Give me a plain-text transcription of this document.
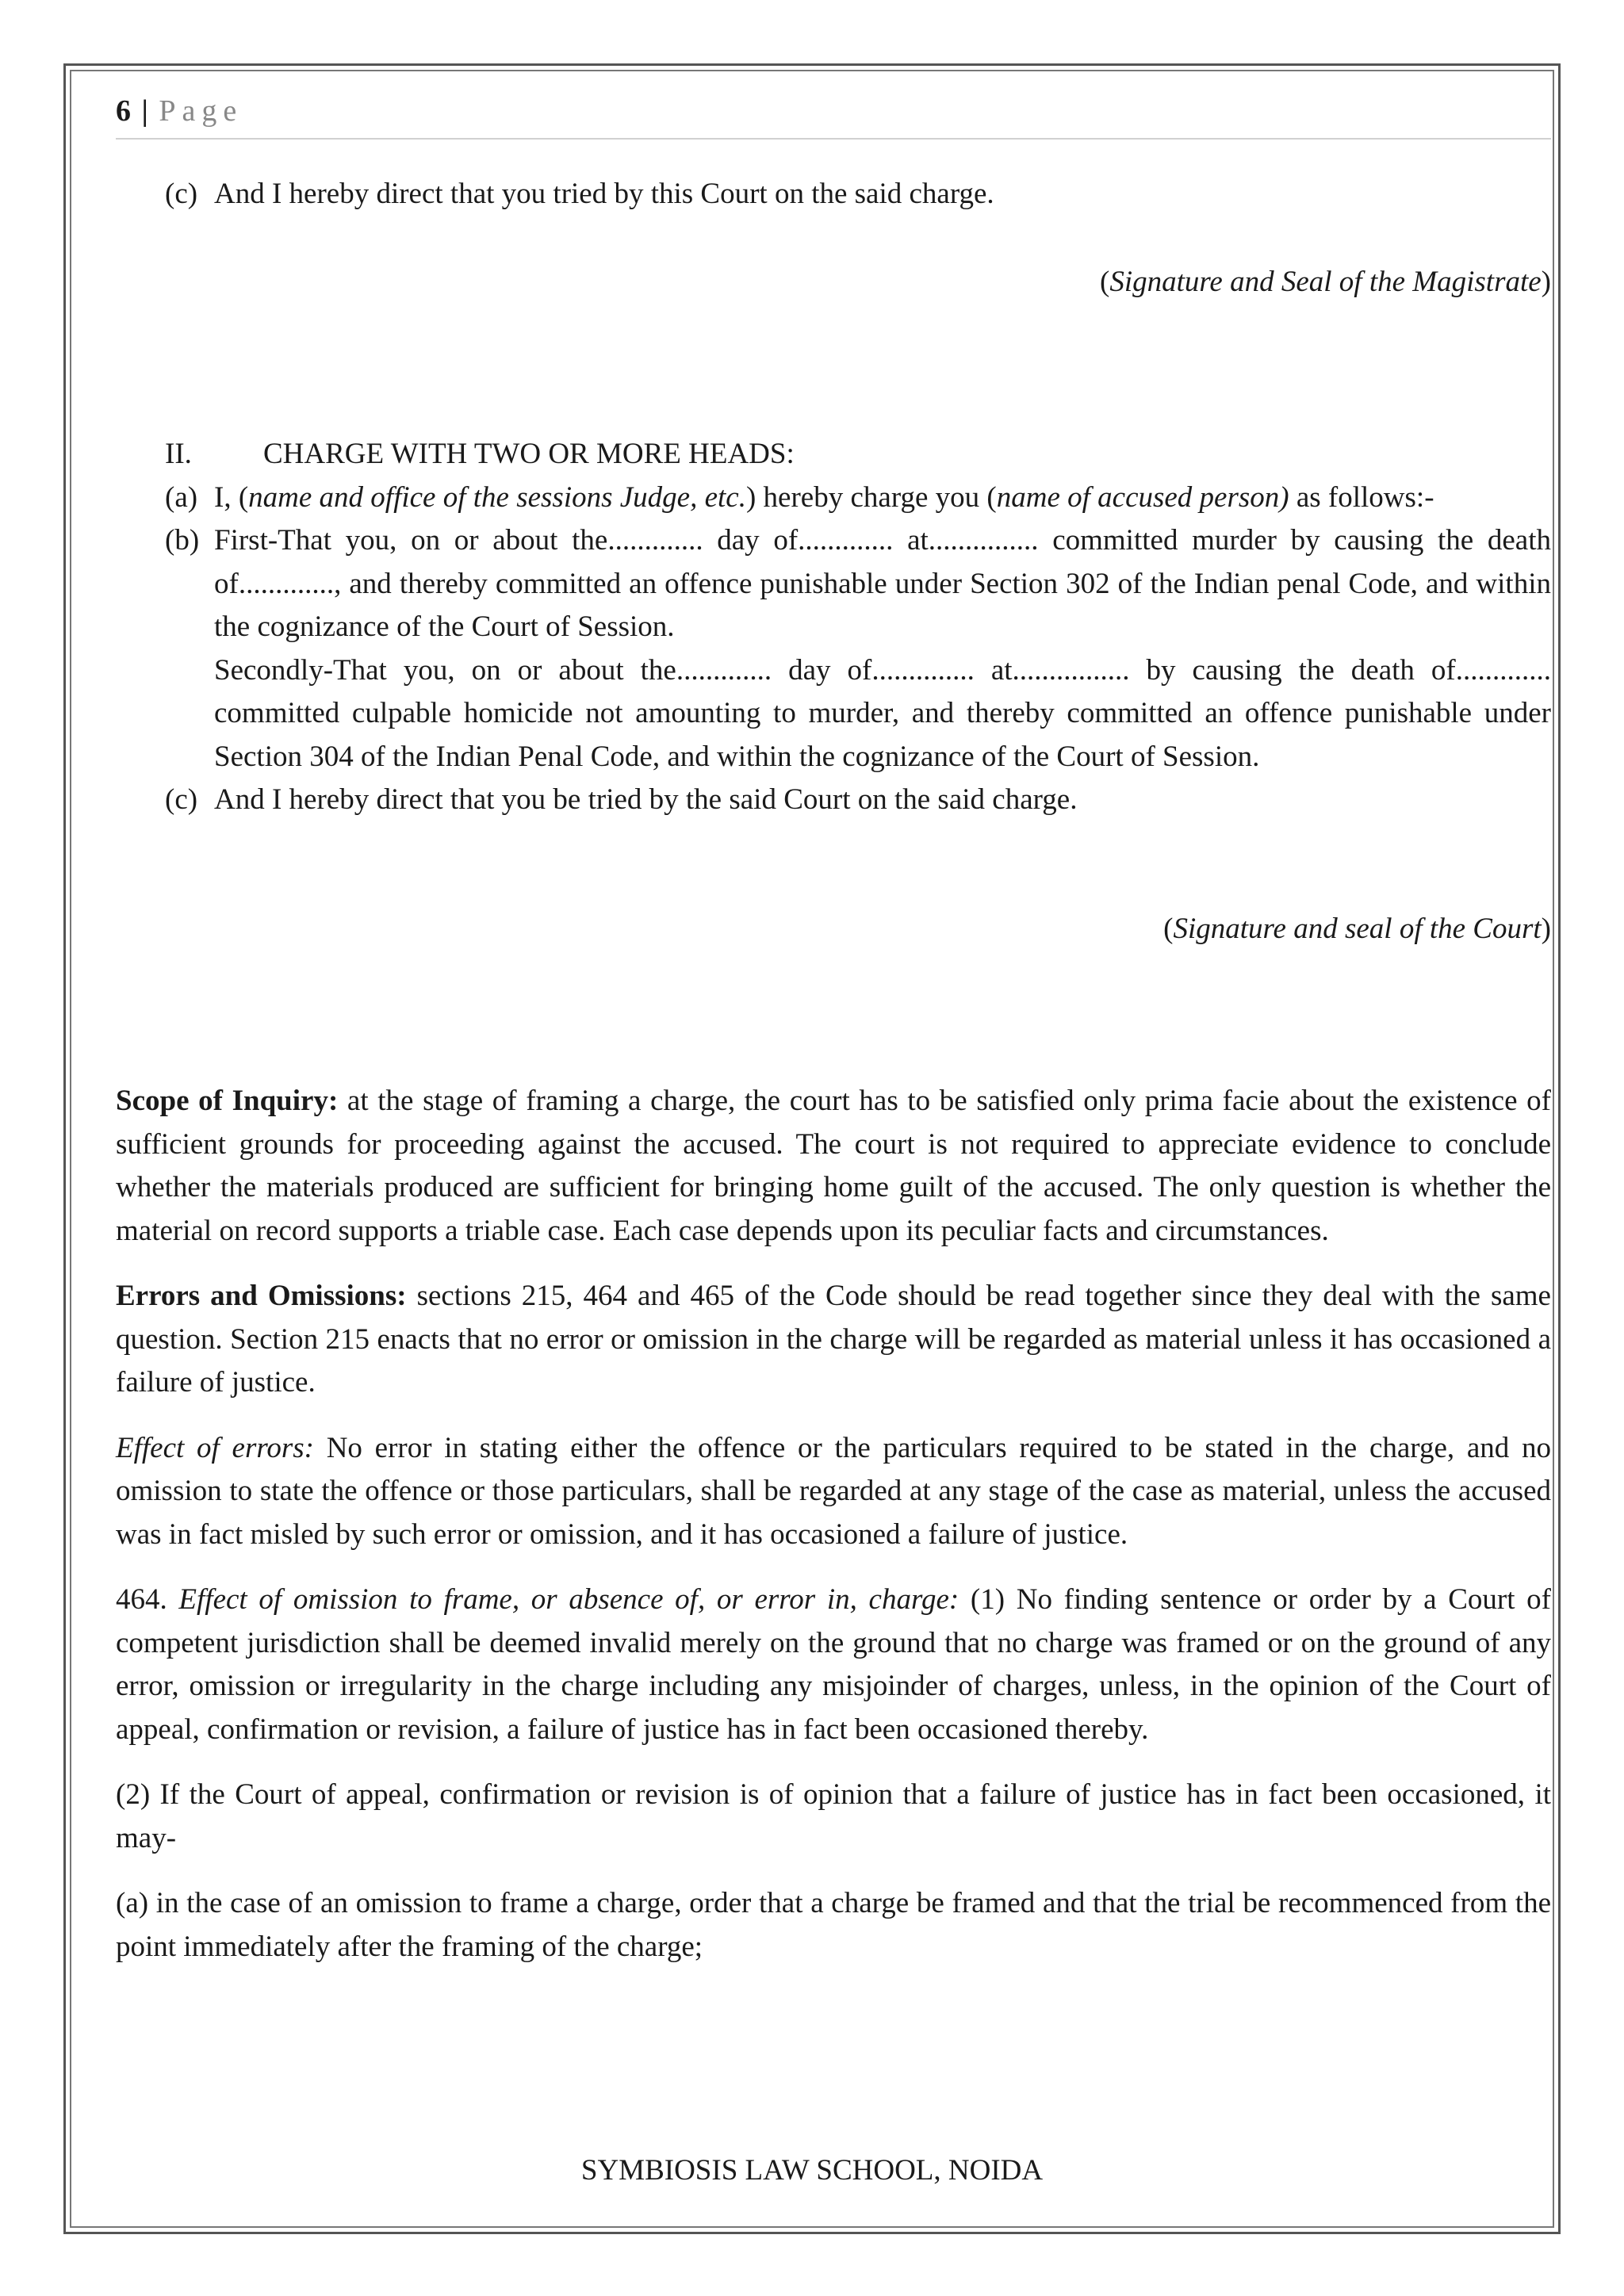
6 | Page
(c) And I hereby direct that you tried by this Court on the said charge.

(Signature and Seal of the Magistrate)

II. CHARGE WITH TWO OR MORE HEADS:

(a) I, (name and office of the sessions Judge, etc.) hereby charge you (name of accused person) as follows:-
(b) First-That you, on or about the............. day of............. at............... committed murder by causing the death of............., and thereby committed an offence punishable under Section 302 of the Indian penal Code, and within the cognizance of the Court of Session.

Secondly-That you, on or about the............. day of.............. at................ by causing the death of............. committed culpable homicide not amounting to murder, and thereby committed an offence punishable under Section 304 of the Indian Penal Code, and within the cognizance of the Court of Session.

(c) And I hereby direct that you be tried by the said Court on the said charge.

(Signature and seal of the Court)

Scope of Inquiry: at the stage of framing a charge, the court has to be satisfied only prima facie about the existence of sufficient grounds for proceeding against the accused. The court is not required to appreciate evidence to conclude whether the materials produced are sufficient for bringing home guilt of the accused. The only question is whether the material on record supports a triable case. Each case depends upon its peculiar facts and circumstances.

Errors and Omissions: sections 215, 464 and 465 of the Code should be read together since they deal with the same question. Section 215 enacts that no error or omission in the charge will be regarded as material unless it has occasioned a failure of justice.

Effect of errors: No error in stating either the offence or the particulars required to be stated in the charge, and no omission to state the offence or those particulars, shall be regarded at any stage of the case as material, unless the accused was in fact misled by such error or omission, and it has occasioned a failure of justice.

464. Effect of omission to frame, or absence of, or error in, charge: (1) No finding sentence or order by a Court of competent jurisdiction shall be deemed invalid merely on the ground that no charge was framed or on the ground of any error, omission or irregularity in the charge including any misjoinder of charges, unless, in the opinion of the Court of appeal, confirmation or revision, a failure of justice has in fact been occasioned thereby.

(2) If the Court of appeal, confirmation or revision is of opinion that a failure of justice has in fact been occasioned, it may-

(a) in the case of an omission to frame a charge, order that a charge be framed and that the trial be recommenced from the point immediately after the framing of the charge;

SYMBIOSIS LAW SCHOOL, NOIDA
